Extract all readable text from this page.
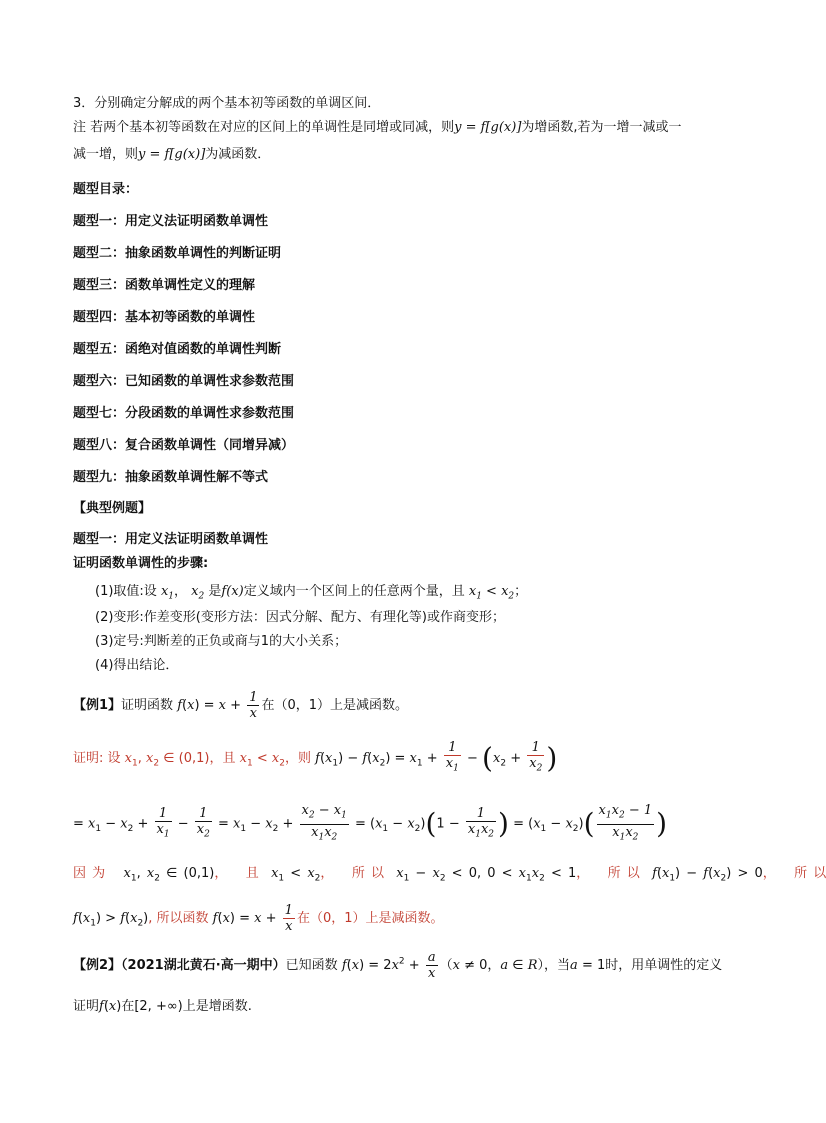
3．分别确定分解成的两个基本初等函数的单调区间．
注 若两个基本初等函数在对应的区间上的单调性是同增或同减，则y = f[g(x)]为增函数,若为一增一减或一
减一增，则y = f[g(x)]为减函数．
题型目录：
题型一：用定义法证明函数单调性
题型二：抽象函数单调性的判断证明
题型三：函数单调性定义的理解
题型四：基本初等函数的单调性
题型五：函绝对值函数的单调性判断
题型六：已知函数的单调性求参数范围
题型七：分段函数的单调性求参数范围
题型八：复合函数单调性（同增异减）
题型九：抽象函数单调性解不等式
【典型例题】
题型一：用定义法证明函数单调性
证明函数单调性的步骤:
(1)取值:设 $x_1$， $x_2$ 是f(x)定义域内一个区间上的任意两个量，且 $x_1 < x_2$；
(2)变形:作差变形(变形方法：因式分解、配方、有理化等)或作商变形；
(3)定号:判断差的正负或商与1的大小关系；
(4)得出结论．
【例1】证明函数 $f(x) = x + \frac{1}{x}$ 在（0，1）上是减函数。
证明: 设 $x_1$, $x_2$ ∈ (0,1)，且 $x_1 < x_2$，则 $f(x_1) - f(x_2) = x_1 + \frac{1}{x_1} - (x_2 + \frac{1}{x_2}$ )
= $x_1 - x_2 + \frac{1}{x_1} - \frac{1}{x_2} = x_1 - x_2 + \frac{x_2 - x_1}{x_1x_2} = (x_1 - x_2)(1 - \frac{1}{x_1x_2}$ ) = $(x_1 - x_2)( \frac{x_1x_2 - 1}{x_1x_2}$ )
因 为 $x_1$, $x_2$ ∈ (0,1)，   且 $x_1 < x_2$，   所 以 $x_1 - x_2 < 0$, $0 < x_1x_2 < 1$，   所 以 $f(x_1) - f(x_2) > 0$，   所 以
$f(x_1) > f(x_2)$, 所以函数 $f(x) = x + \frac{1}{x}$ 在（0，1）上是减函数。
【例2】（2021湖北黄石·高一期中）已知函数 $f(x) = 2x^2 + \frac{a}{x} (x \ne 0$，a ∈ R），当a = 1时，用单调性的定义
证明f(x)在[2, +∞)上是增函数.
